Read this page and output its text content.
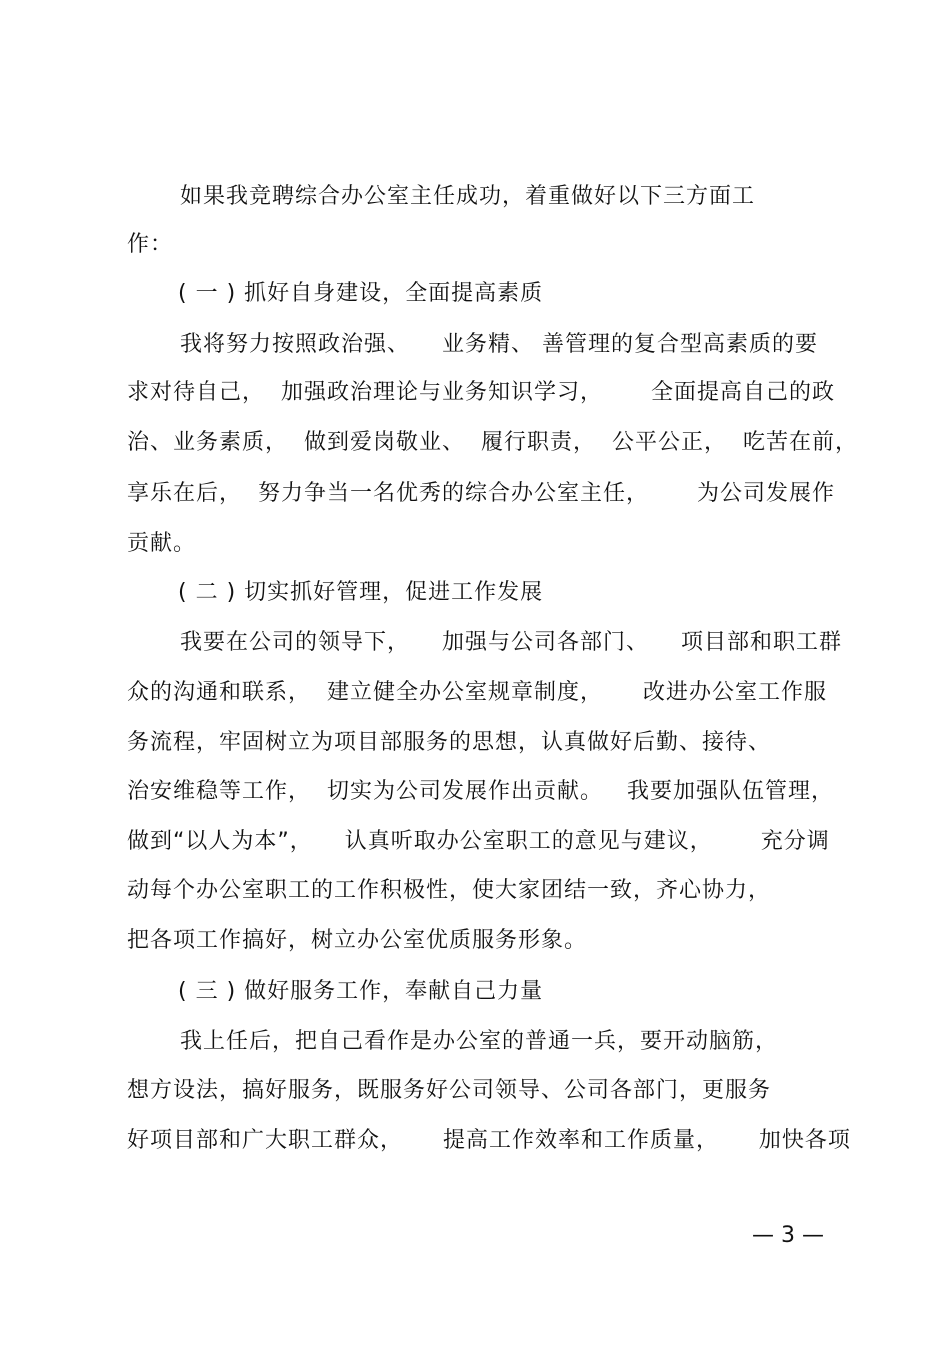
如果我竞聘综合办公室主任成功，着重做好以下三方面工
作：
( 一 ) 抓好自身建设，全面提高素质
我将努力按照政治强、    业务精、 善管理的复合型高素质的要
求对待自己，  加强政治理论与业务知识学习，      全面提高自己的政
治、业务素质，  做到爱岗敬业、  履行职责，  公平公正，  吃苦在前，
享乐在后，  努力争当一名优秀的综合办公室主任，      为公司发展作
贡献。
( 二 ) 切实抓好管理，促进工作发展
我要在公司的领导下，    加强与公司各部门、    项目部和职工群
众的沟通和联系，  建立健全办公室规章制度，     改进办公室工作服
务流程，牢固树立为项目部服务的思想，认真做好后勤、接待、
治安维稳等工作，  切实为公司发展作出贡献。   我要加强队伍管理，
做到“以人为本”，    认真听取办公室职工的意见与建议，      充分调
动每个办公室职工的工作积极性，使大家团结一致，齐心协力，
把各项工作搞好，树立办公室优质服务形象。
( 三 ) 做好服务工作，奉献自己力量
我上任后，把自己看作是办公室的普通一兵，要开动脑筋，
想方设法，搞好服务，既服务好公司领导、公司各部门，更服务
好项目部和广大职工群众，     提高工作效率和工作质量，     加快各项
— 3 —
